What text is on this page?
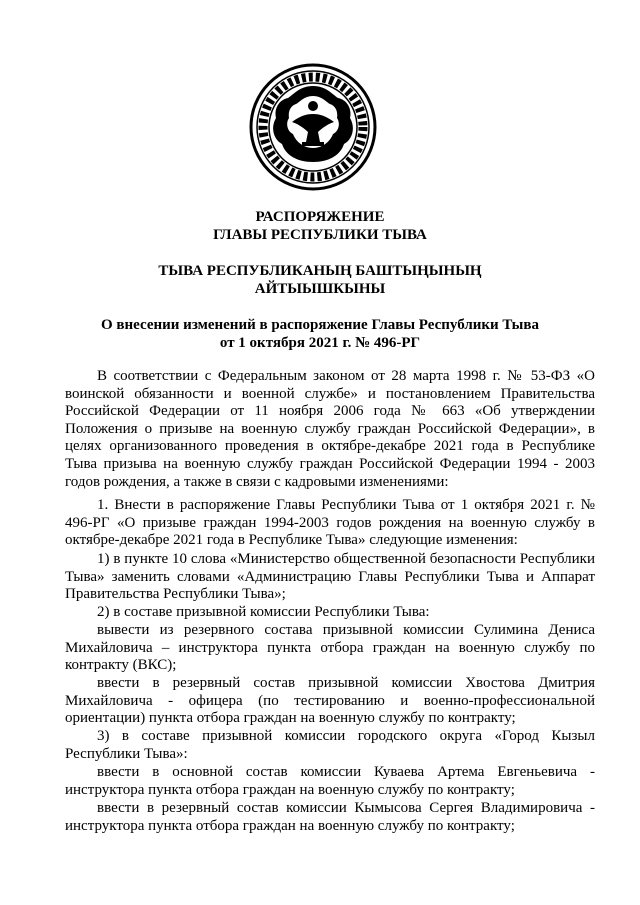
РАСПОРЯЖЕНИЕ
ГЛАВЫ РЕСПУБЛИКИ ТЫВА
ТЫВА РЕСПУБЛИКАНЫҢ БАШТЫҢЫНЫҢ
АЙТЫЫШКЫНЫ
О внесении изменений в распоряжение Главы Республики Тыва
от 1 октября 2021 г. № 496-РГ
В соответствии с Федеральным законом от 28 марта 1998 г. № 53-ФЗ «О воинской обязанности и военной службе» и постановлением Правительства Российской Федерации от 11 ноября 2006 года № 663 «Об утверждении Положения о призыве на военную службу граждан Российской Федерации», в целях организованного проведения в октябре-декабре 2021 года в Республике Тыва призыва на военную службу граждан Российской Федерации 1994 - 2003 годов рождения, а также в связи с кадровыми изменениями:
1. Внести в распоряжение Главы Республики Тыва от 1 октября 2021 г. № 496-РГ «О призыве граждан 1994-2003 годов рождения на военную службу в октябре-декабре 2021 года в Республике Тыва» следующие изменения:
1) в пункте 10 слова «Министерство общественной безопасности Республики Тыва» заменить словами «Администрацию Главы Республики Тыва и Аппарат Правительства Республики Тыва»;
2) в составе призывной комиссии Республики Тыва:
вывести из резервного состава призывной комиссии Сулимина Дениса Михайловича – инструктора пункта отбора граждан на военную службу по контракту (ВКС);
ввести в резервный состав призывной комиссии Хвостова Дмитрия Михайловича - офицера (по тестированию и военно-профессиональной ориентации) пункта отбора граждан на военную службу по контракту;
3) в составе призывной комиссии городского округа «Город Кызыл Республики Тыва»:
ввести в основной состав комиссии Куваева Артема Евгеньевича - инструктора пункта отбора граждан на военную службу по контракту;
ввести в резервный состав комиссии Кымысова Сергея Владимировича - инструктора пункта отбора граждан на военную службу по контракту;
